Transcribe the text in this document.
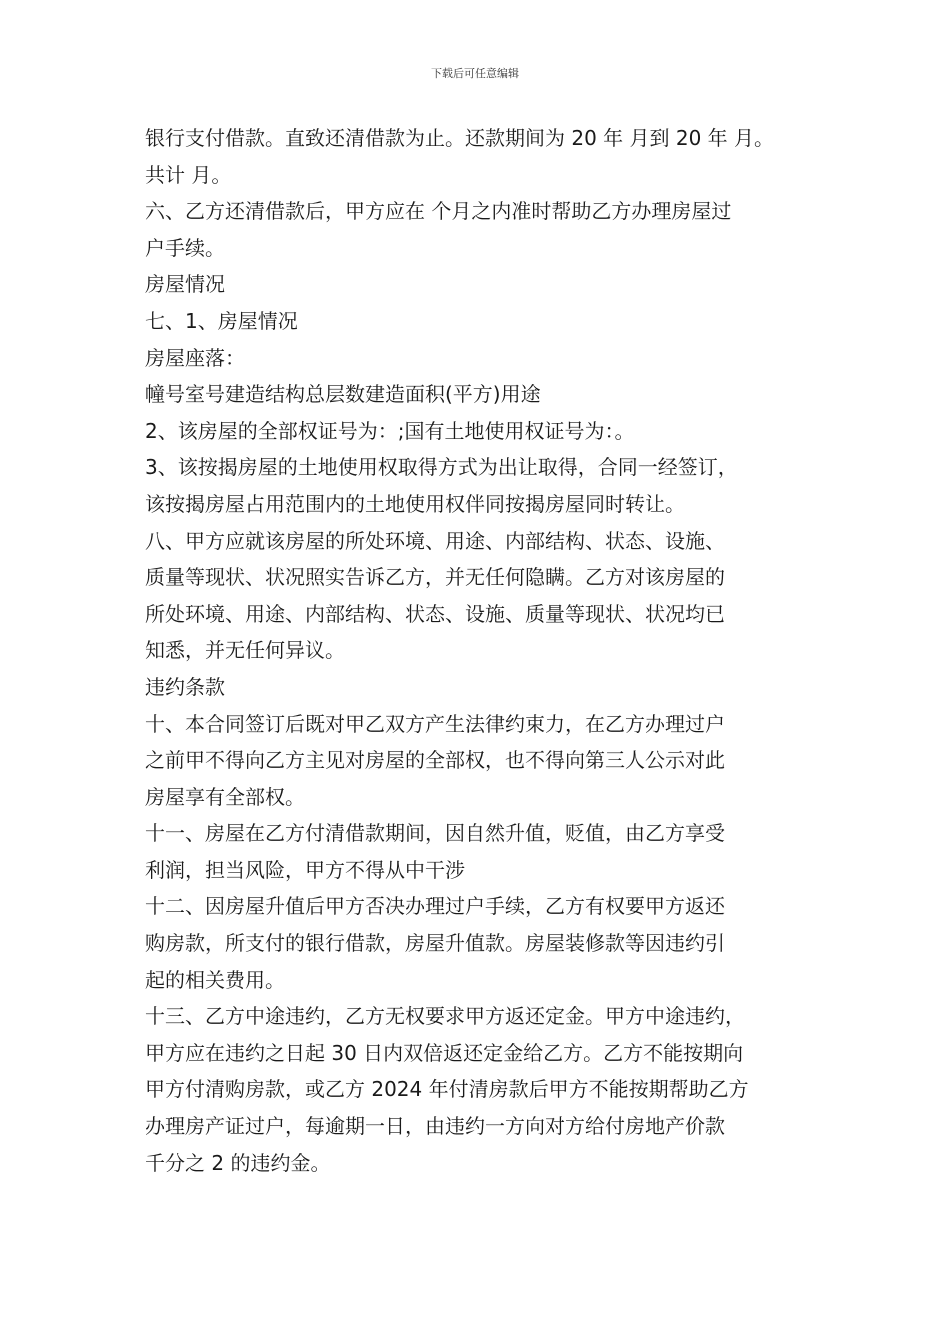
下载后可任意编辑
银行支付借款。直致还清借款为止。还款期间为 20 年 月到 20 年 月。
共计 月。
六、乙方还清借款后，甲方应在 个月之内准时帮助乙方办理房屋过
户手续。
房屋情况
七、1、房屋情况
房屋座落：
幢号室号建造结构总层数建造面积(平方)用途
2、该房屋的全部权证号为：;国有土地使用权证号为：。
3、该按揭房屋的土地使用权取得方式为出让取得，合同一经签订，
该按揭房屋占用范围内的土地使用权伴同按揭房屋同时转让。
八、甲方应就该房屋的所处环境、用途、内部结构、状态、设施、
质量等现状、状况照实告诉乙方，并无任何隐瞒。乙方对该房屋的
所处环境、用途、内部结构、状态、设施、质量等现状、状况均已
知悉，并无任何异议。
违约条款
十、本合同签订后既对甲乙双方产生法律约束力，在乙方办理过户
之前甲不得向乙方主见对房屋的全部权，也不得向第三人公示对此
房屋享有全部权。
十一、房屋在乙方付清借款期间，因自然升值，贬值，由乙方享受
利润，担当风险，甲方不得从中干涉
十二、因房屋升值后甲方否决办理过户手续，乙方有权要甲方返还
购房款，所支付的银行借款，房屋升值款。房屋装修款等因违约引
起的相关费用。
十三、乙方中途违约，乙方无权要求甲方返还定金。甲方中途违约，
甲方应在违约之日起 30 日内双倍返还定金给乙方。乙方不能按期向
甲方付清购房款，或乙方 2024 年付清房款后甲方不能按期帮助乙方
办理房产证过户，每逾期一日，由违约一方向对方给付房地产价款
千分之 2 的违约金。
